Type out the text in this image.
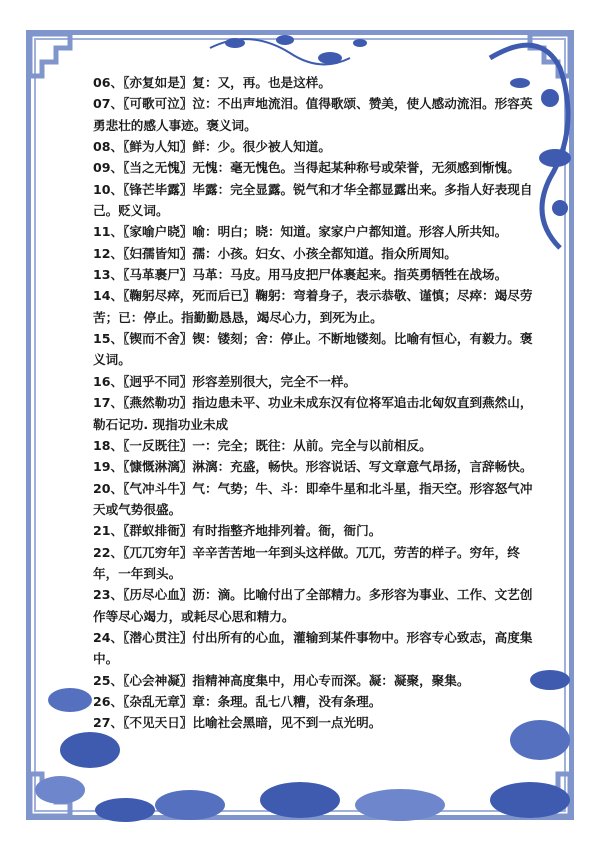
06、〖亦复如是〗复：又，再。也是这样。

07、〖可歌可泣〗泣：不出声地流泪。值得歌颂、赞美，使人感动流泪。形容英勇悲壮的感人事迹。褒义词。

08、〖鲜为人知〗鲜：少。很少被人知道。

09、〖当之无愧〗无愧：毫无愧色。当得起某种称号或荣誉，无须感到惭愧。

10、〖锋芒毕露〗毕露：完全显露。锐气和才华全都显露出来。多指人好表现自己。贬义词。

11、〖家喻户晓〗喻：明白；晓：知道。家家户户都知道。形容人所共知。

12、〖妇孺皆知〗孺：小孩。妇女、小孩全都知道。指众所周知。

13、〖马革裹尸〗马革：马皮。用马皮把尸体裹起来。指英勇牺牲在战场。

14、〖鞠躬尽瘁，死而后已〗鞠躬：弯着身子，表示恭敬、谨慎；尽瘁：竭尽劳苦；已：停止。指勤勤恳恳，竭尽心力，到死为止。

15、〖锲而不舍〗锲：镂刻；舍：停止。不断地镂刻。比喻有恒心，有毅力。褒义词。

16、〖迥乎不同〗形容差别很大，完全不一样。

17、〖燕然勒功〗指边患未平、功业未成东汉有位将军追击北匈奴直到燕然山，勒石记功. 现指功业未成

18、〖一反既往〗一：完全；既往：从前。完全与以前相反。

19、〖慷慨淋漓〗淋漓：充盛，畅快。形容说话、写文章意气昂扬，言辞畅快。

20、〖气冲斗牛〗气：气势；牛、斗：即牵牛星和北斗星，指天空。形容怒气冲天或气势很盛。

21、〖群蚁排衙〗有时指整齐地排列着。衙，衙门。

22、〖兀兀穷年〗辛辛苦苦地一年到头这样做。兀兀，劳苦的样子。穷年，终年，一年到头。

23、〖历尽心血〗沥：滴。比喻付出了全部精力。多形容为事业、工作、文艺创作等尽心竭力，或耗尽心思和精力。

24、〖潜心贯注〗付出所有的心血，灌输到某件事物中。形容专心致志，高度集中。

25、〖心会神凝〗指精神高度集中，用心专而深。凝：凝聚，聚集。

26、〖杂乱无章〗章：条理。乱七八糟，没有条理。

27、〖不见天日〗比喻社会黑暗，见不到一点光明。
